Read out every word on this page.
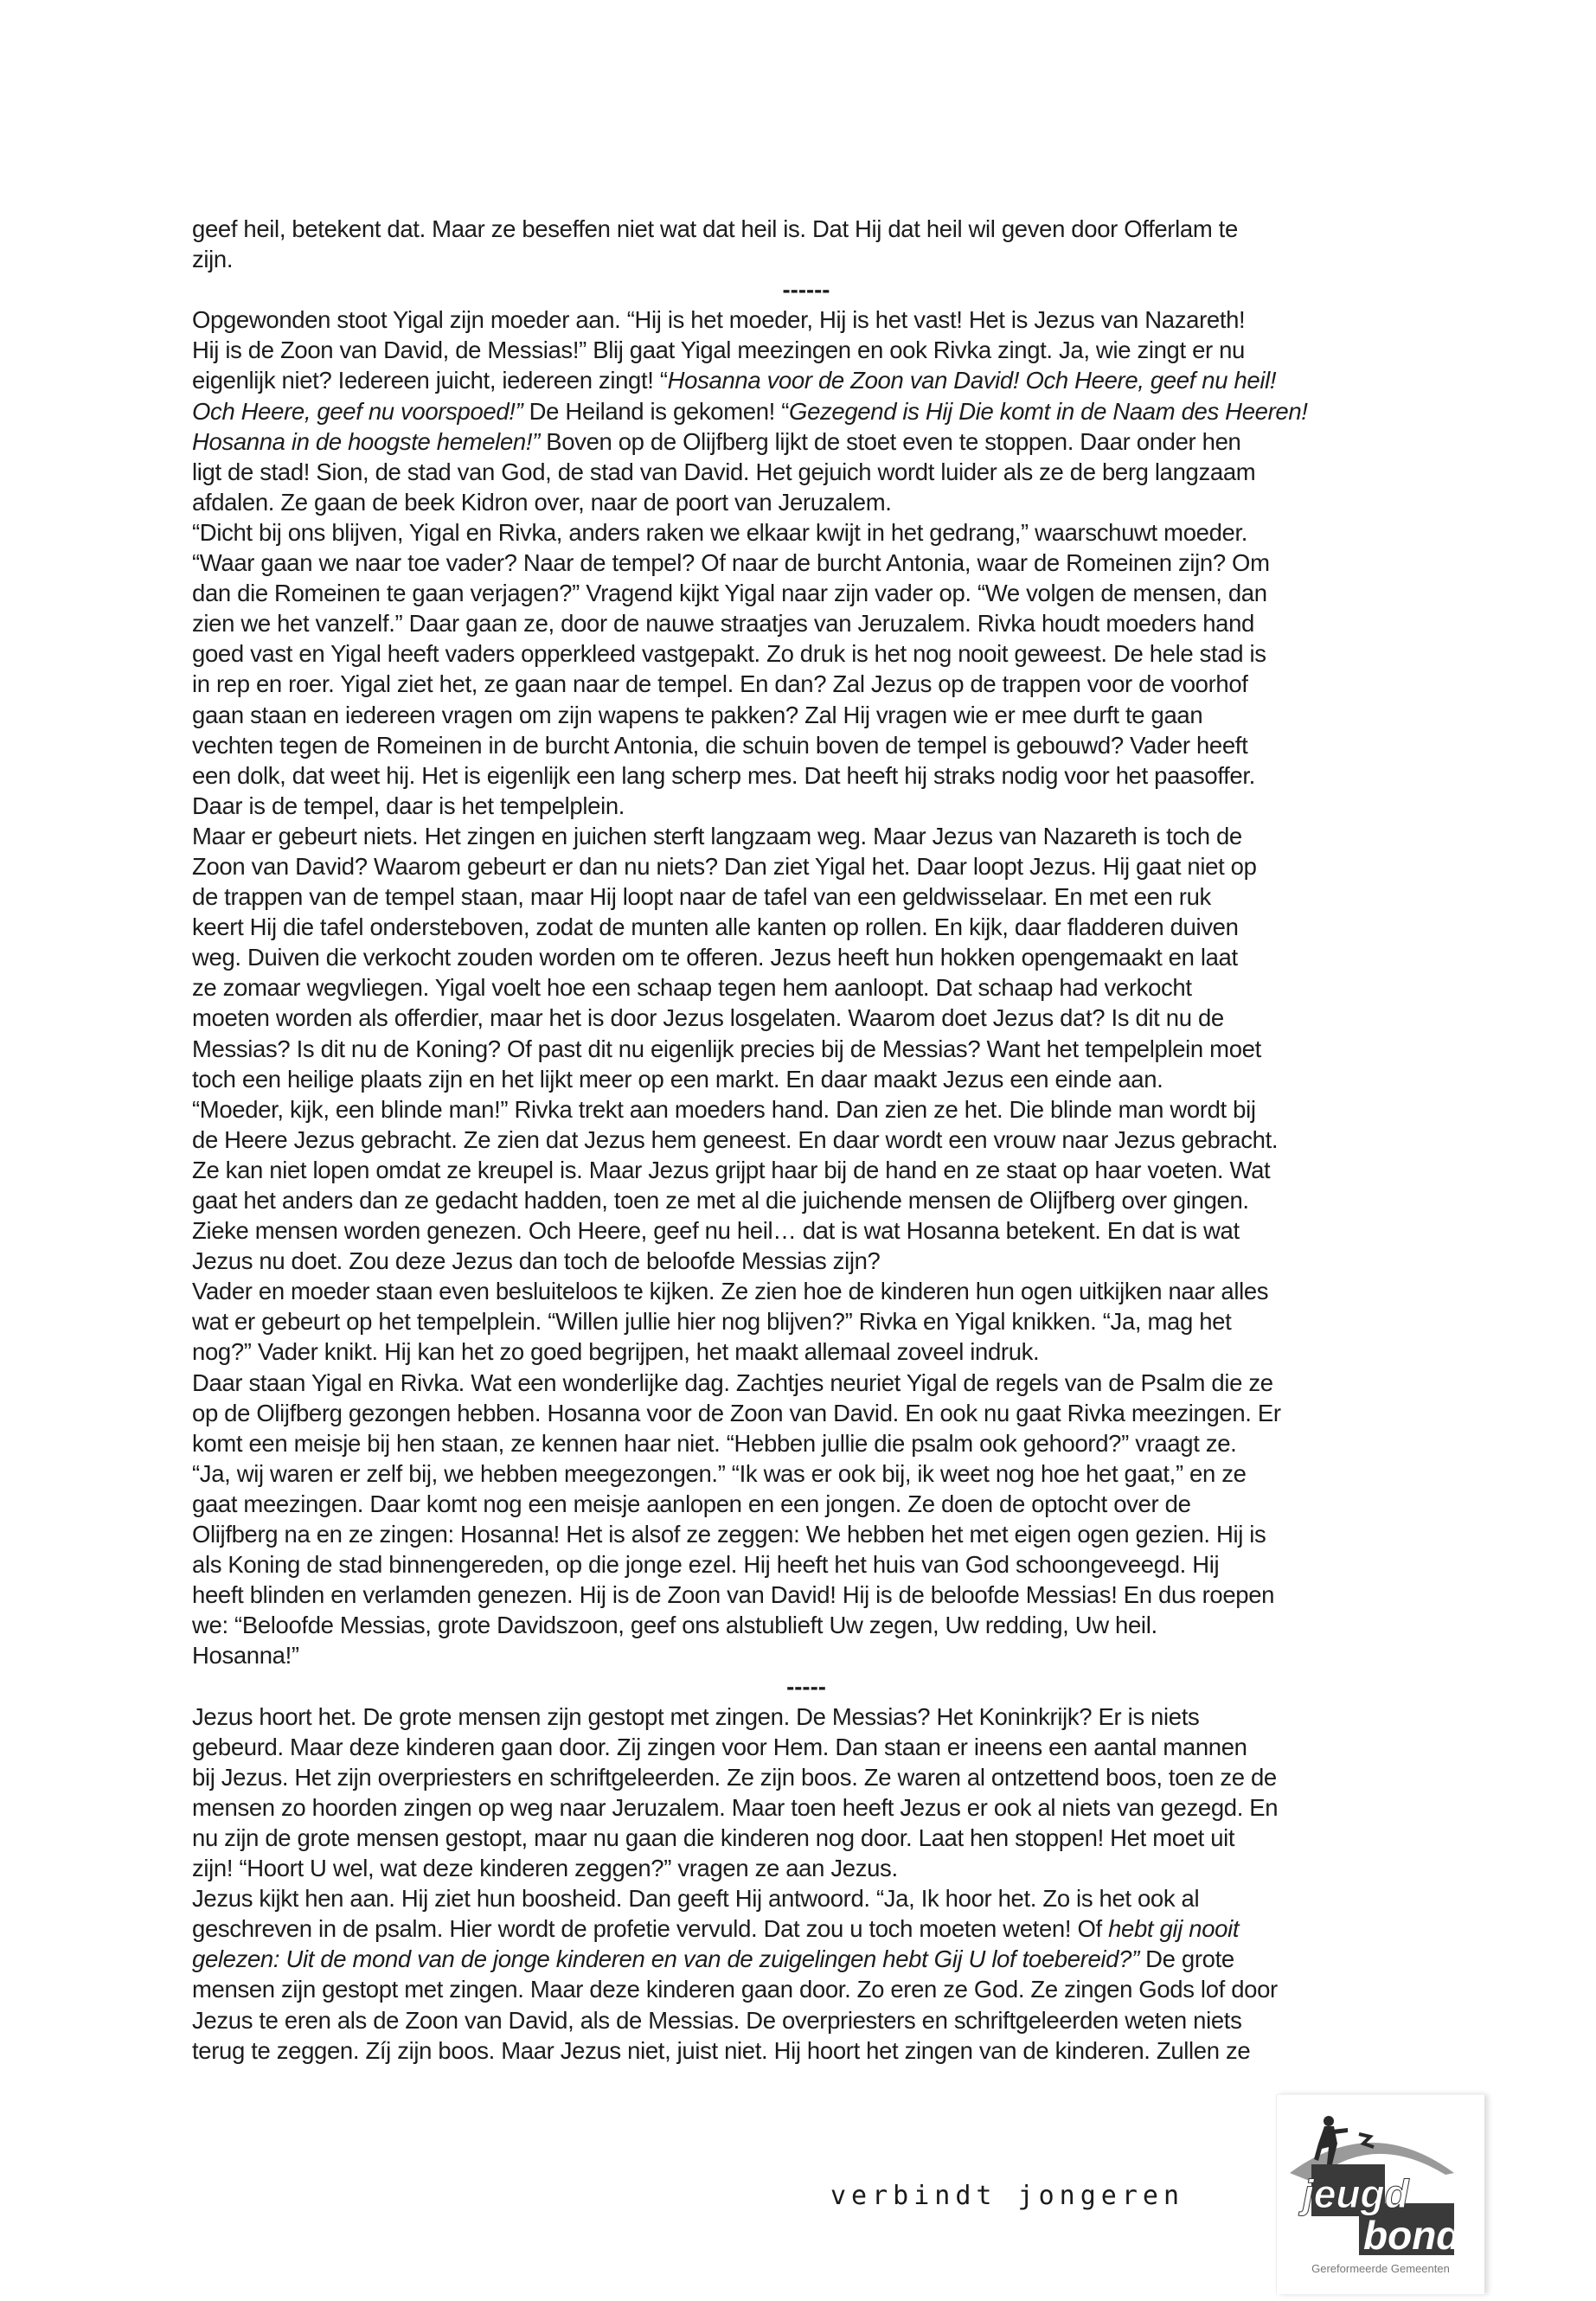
geef heil, betekent dat. Maar ze beseffen niet wat dat heil is. Dat Hij dat heil wil geven door Offerlam te
zijn.
------
Opgewonden stoot Yigal zijn moeder aan. “Hij is het moeder, Hij is het vast! Het is Jezus van Nazareth!
Hij is de Zoon van David, de Messias!” Blij gaat Yigal meezingen en ook Rivka zingt. Ja, wie zingt er nu
eigenlijk niet? Iedereen juicht, iedereen zingt! “Hosanna voor de Zoon van David! Och Heere, geef nu heil!
Och Heere, geef nu voorspoed!” De Heiland is gekomen! “Gezegend is Hij Die komt in de Naam des Heeren!
Hosanna in de hoogste hemelen!” Boven op de Olijfberg lijkt de stoet even te stoppen. Daar onder hen
ligt de stad! Sion, de stad van God, de stad van David. Het gejuich wordt luider als ze de berg langzaam
afdalen. Ze gaan de beek Kidron over, naar de poort van Jeruzalem.
“Dicht bij ons blijven, Yigal en Rivka, anders raken we elkaar kwijt in het gedrang,” waarschuwt moeder.
“Waar gaan we naar toe vader? Naar de tempel? Of naar de burcht Antonia, waar de Romeinen zijn? Om
dan die Romeinen te gaan verjagen?” Vragend kijkt Yigal naar zijn vader op. “We volgen de mensen, dan
zien we het vanzelf.” Daar gaan ze, door de nauwe straatjes van Jeruzalem. Rivka houdt moeders hand
goed vast en Yigal heeft vaders opperkleed vastgepakt. Zo druk is het nog nooit geweest. De hele stad is
in rep en roer. Yigal ziet het, ze gaan naar de tempel. En dan? Zal Jezus op de trappen voor de voorhof
gaan staan en iedereen vragen om zijn wapens te pakken? Zal Hij vragen wie er mee durft te gaan
vechten tegen de Romeinen in de burcht Antonia, die schuin boven de tempel is gebouwd? Vader heeft
een dolk, dat weet hij. Het is eigenlijk een lang scherp mes. Dat heeft hij straks nodig voor het paasoffer.
Daar is de tempel, daar is het tempelplein.
Maar er gebeurt niets. Het zingen en juichen sterft langzaam weg. Maar Jezus van Nazareth is toch de
Zoon van David? Waarom gebeurt er dan nu niets? Dan ziet Yigal het. Daar loopt Jezus. Hij gaat niet op
de trappen van de tempel staan, maar Hij loopt naar de tafel van een geldwisselaar. En met een ruk
keert Hij die tafel ondersteboven, zodat de munten alle kanten op rollen. En kijk, daar fladderen duiven
weg. Duiven die verkocht zouden worden om te offeren. Jezus heeft hun hokken opengemaakt en laat
ze zomaar wegvliegen. Yigal voelt hoe een schaap tegen hem aanloopt. Dat schaap had verkocht
moeten worden als offerdier, maar het is door Jezus losgelaten. Waarom doet Jezus dat? Is dit nu de
Messias? Is dit nu de Koning? Of past dit nu eigenlijk precies bij de Messias? Want het tempelplein moet
toch een heilige plaats zijn en het lijkt meer op een markt. En daar maakt Jezus een einde aan.
“Moeder, kijk, een blinde man!” Rivka trekt aan moeders hand. Dan zien ze het. Die blinde man wordt bij
de Heere Jezus gebracht. Ze zien dat Jezus hem geneest. En daar wordt een vrouw naar Jezus gebracht.
Ze kan niet lopen omdat ze kreupel is. Maar Jezus grijpt haar bij de hand en ze staat op haar voeten. Wat
gaat het anders dan ze gedacht hadden, toen ze met al die juichende mensen de Olijfberg over gingen.
Zieke mensen worden genezen. Och Heere, geef nu heil… dat is wat Hosanna betekent. En dat is wat
Jezus nu doet. Zou deze Jezus dan toch de beloofde Messias zijn?
Vader en moeder staan even besluiteloos te kijken. Ze zien hoe de kinderen hun ogen uitkijken naar alles
wat er gebeurt op het tempelplein. “Willen jullie hier nog blijven?” Rivka en Yigal knikken. “Ja, mag het
nog?” Vader knikt. Hij kan het zo goed begrijpen, het maakt allemaal zoveel indruk.
Daar staan Yigal en Rivka. Wat een wonderlijke dag. Zachtjes neuriet Yigal de regels van de Psalm die ze
op de Olijfberg gezongen hebben. Hosanna voor de Zoon van David. En ook nu gaat Rivka meezingen. Er
komt een meisje bij hen staan, ze kennen haar niet. “Hebben jullie die psalm ook gehoord?” vraagt ze.
“Ja, wij waren er zelf bij, we hebben meegezongen.” “Ik was er ook bij, ik weet nog hoe het gaat,” en ze
gaat meezingen. Daar komt nog een meisje aanlopen en een jongen. Ze doen de optocht over de
Olijfberg na en ze zingen: Hosanna! Het is alsof ze zeggen: We hebben het met eigen ogen gezien. Hij is
als Koning de stad binnengereden, op die jonge ezel. Hij heeft het huis van God schoongeveegd. Hij
heeft blinden en verlamden genezen. Hij is de Zoon van David! Hij is de beloofde Messias! En dus roepen
we: “Beloofde Messias, grote Davidszoon, geef ons alstublieft Uw zegen, Uw redding, Uw heil.
Hosanna!”
-----
Jezus hoort het. De grote mensen zijn gestopt met zingen. De Messias? Het Koninkrijk? Er is niets
gebeurd. Maar deze kinderen gaan door. Zij zingen voor Hem. Dan staan er ineens een aantal mannen
bij Jezus. Het zijn overpriesters en schriftgeleerden. Ze zijn boos. Ze waren al ontzettend boos, toen ze de
mensen zo hoorden zingen op weg naar Jeruzalem. Maar toen heeft Jezus er ook al niets van gezegd. En
nu zijn de grote mensen gestopt, maar nu gaan die kinderen nog door. Laat hen stoppen! Het moet uit
zijn! “Hoort U wel, wat deze kinderen zeggen?” vragen ze aan Jezus.
Jezus kijkt hen aan. Hij ziet hun boosheid. Dan geeft Hij antwoord. “Ja, Ik hoor het. Zo is het ook al
geschreven in de psalm. Hier wordt de profetie vervuld. Dat zou u toch moeten weten! Of hebt gij nooit
gelezen: Uit de mond van de jonge kinderen en van de zuigelingen hebt Gij U lof toebereid?” De grote
mensen zijn gestopt met zingen. Maar deze kinderen gaan door. Zo eren ze God. Ze zingen Gods lof door
Jezus te eren als de Zoon van David, als de Messias. De overpriesters en schriftgeleerden weten niets
terug te zeggen. Zíj zijn boos. Maar Jezus niet, juist niet. Hij hoort het zingen van de kinderen. Zullen ze
verbindt jongeren	jeugd
bond
Gereformeerde Gemeenten
